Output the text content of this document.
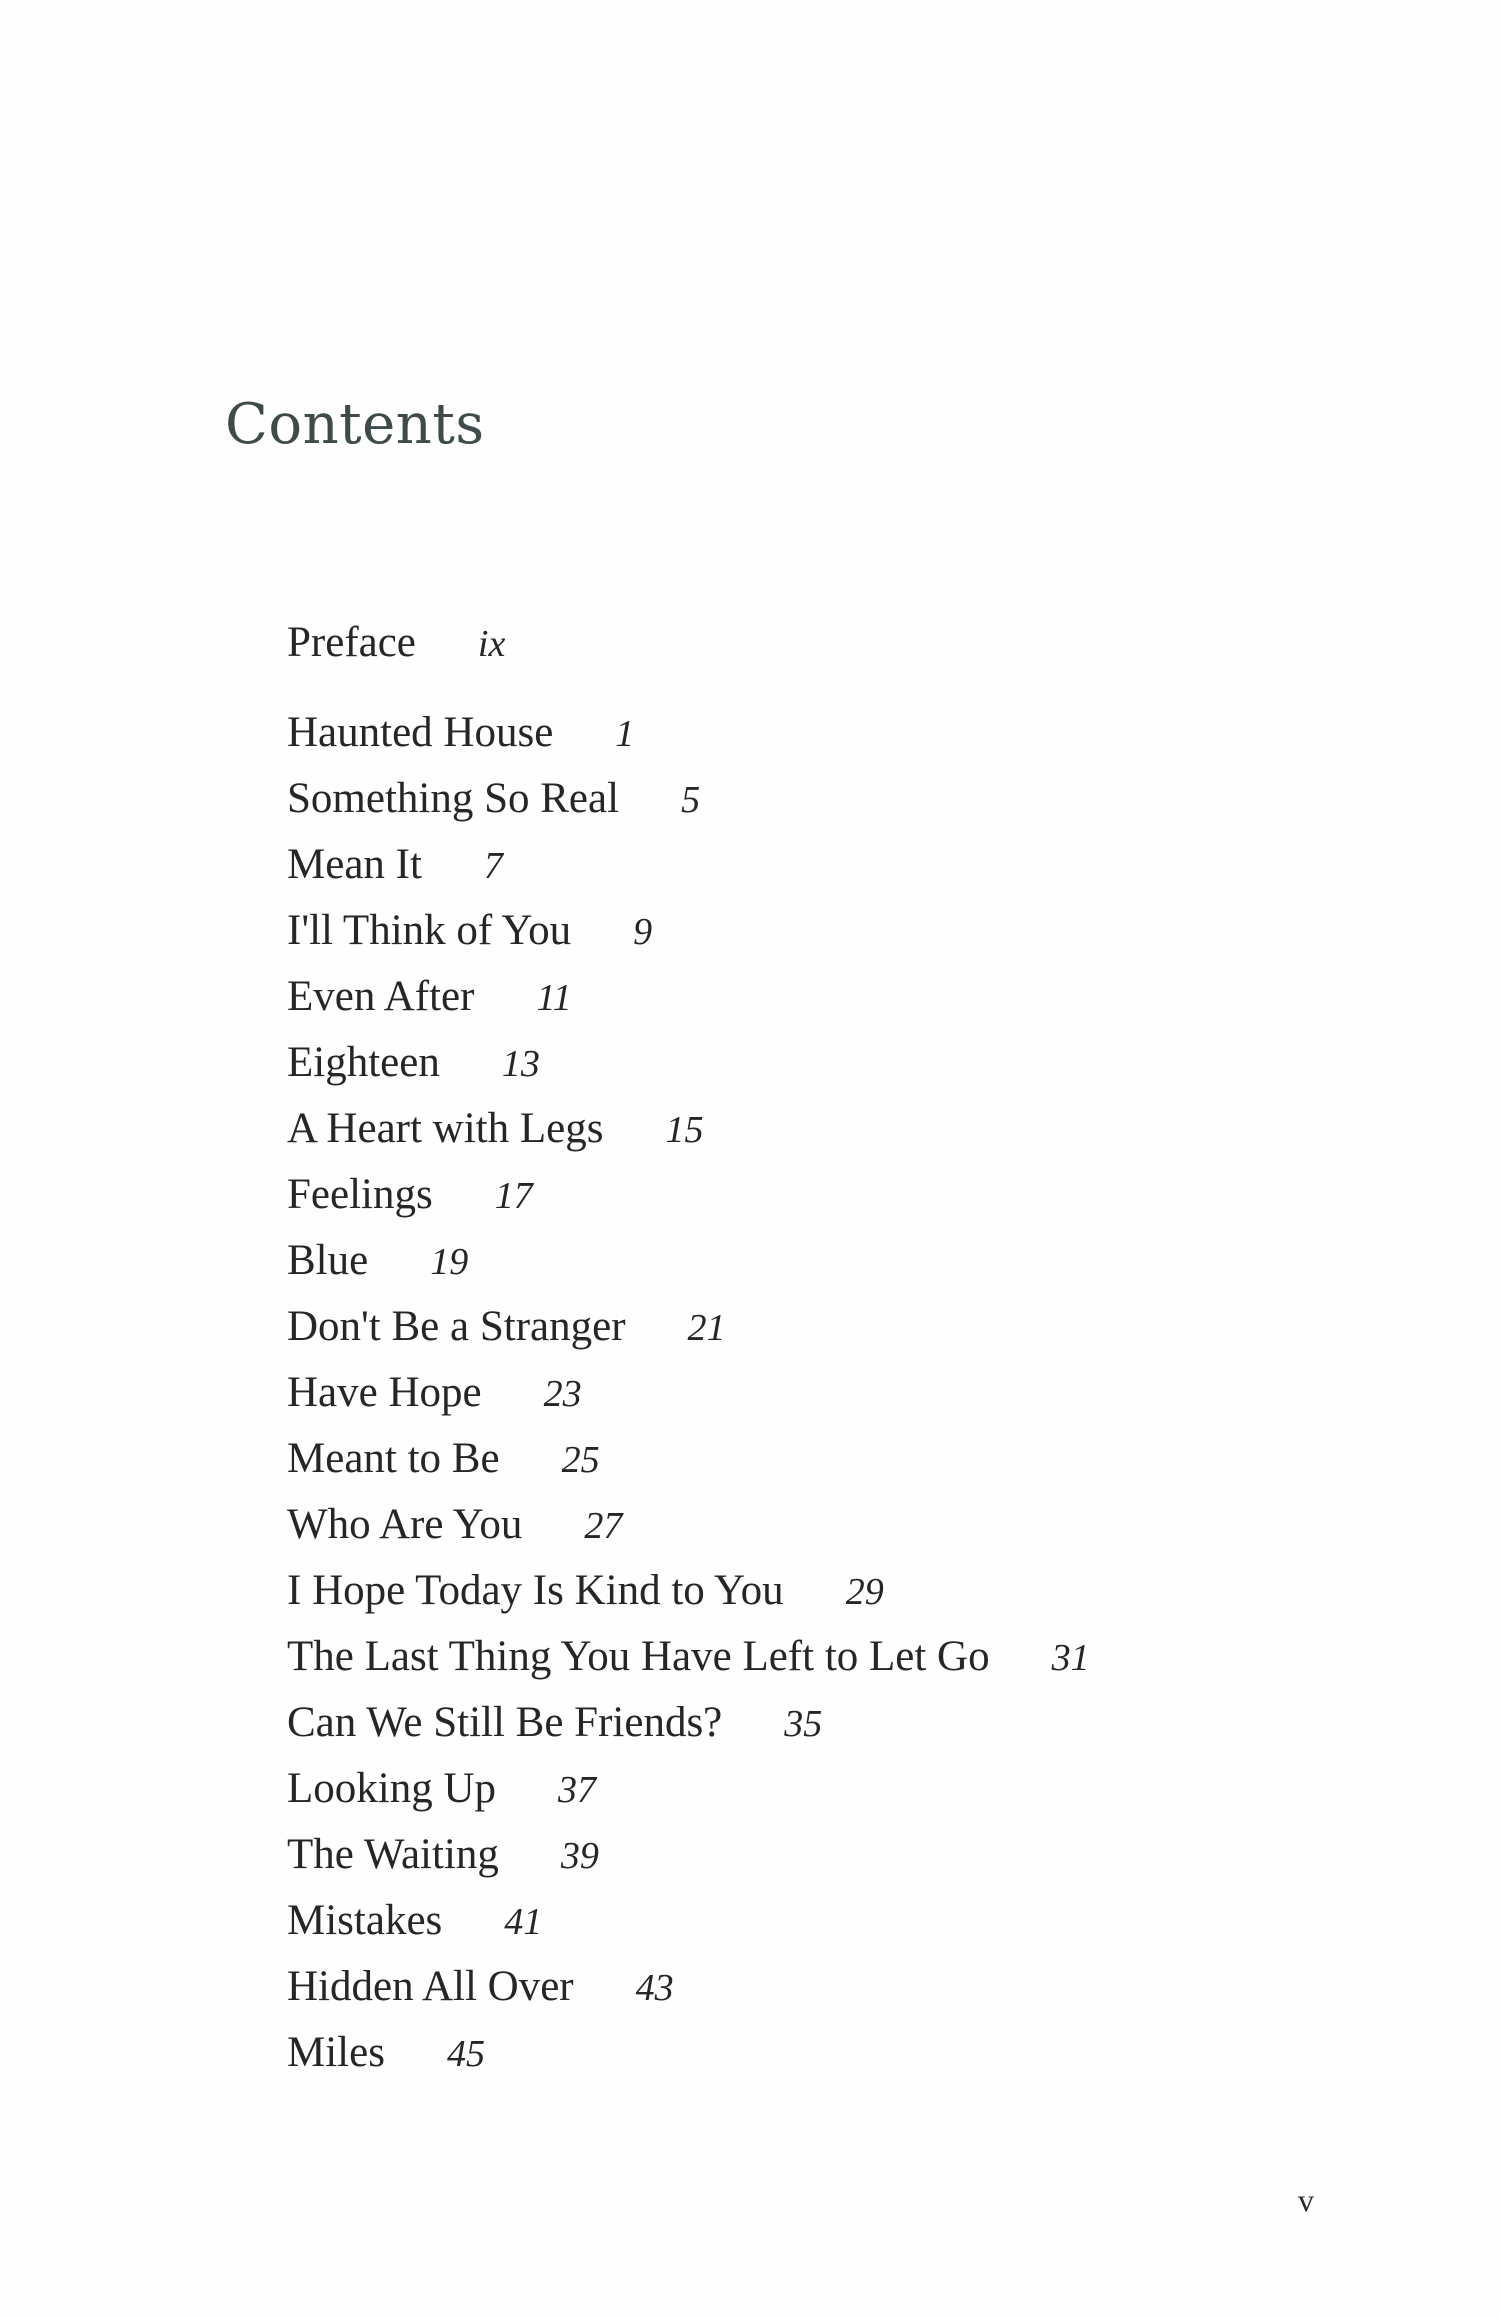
Contents
Preface ix
Haunted House 1
Something So Real 5
Mean It 7
I'll Think of You 9
Even After 11
Eighteen 13
A Heart with Legs 15
Feelings 17
Blue 19
Don't Be a Stranger 21
Have Hope 23
Meant to Be 25
Who Are You 27
I Hope Today Is Kind to You 29
The Last Thing You Have Left to Let Go 31
Can We Still Be Friends? 35
Looking Up 37
The Waiting 39
Mistakes 41
Hidden All Over 43
Miles 45
v
